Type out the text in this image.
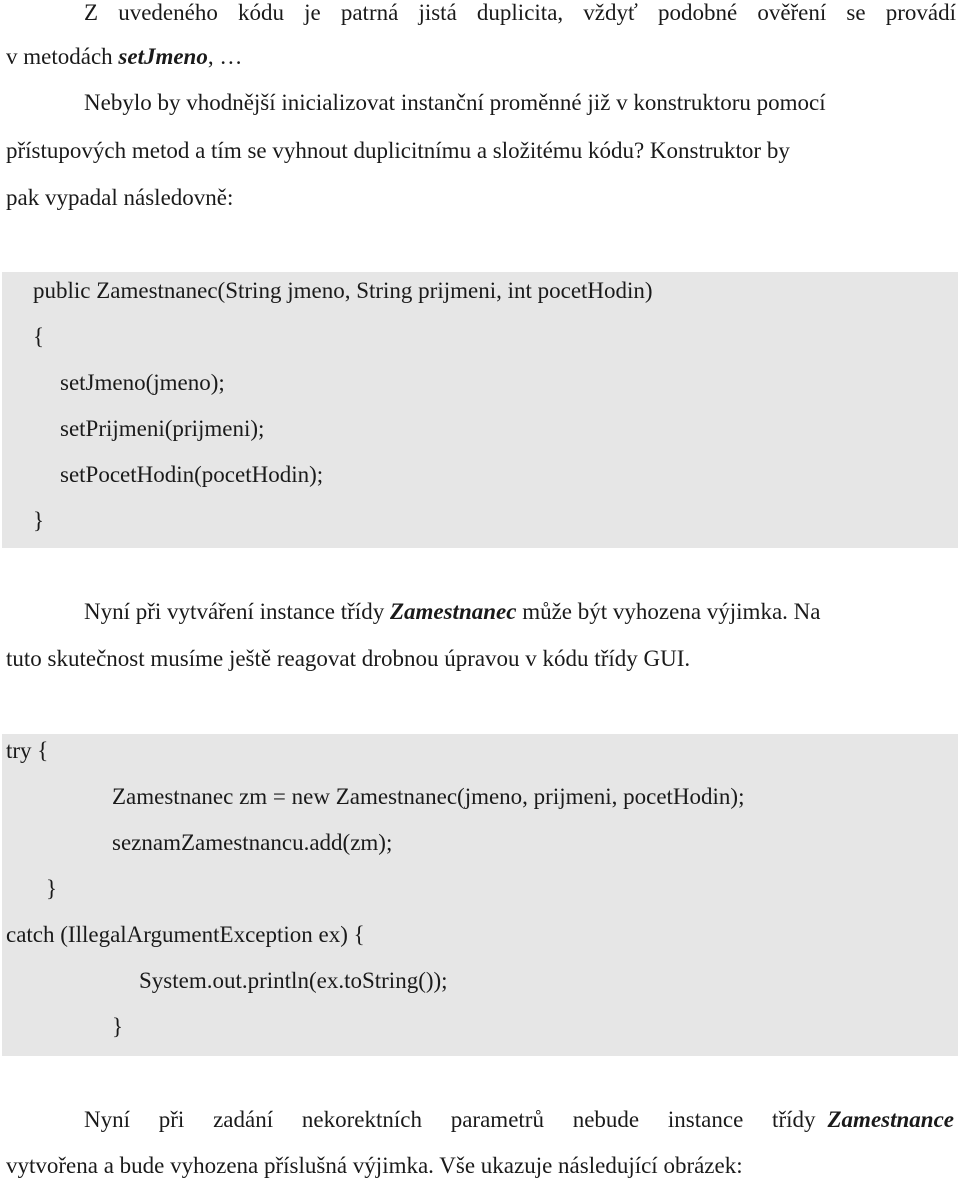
Z uvedeného kódu je patrná jistá duplicita, vždyť podobné ověření se provádí
v metodách setJmeno, …
Nebylo by vhodnější inicializovat instanční proměnné již v konstruktoru pomocí
přístupových metod a tím se vyhnout duplicitnímu a složitému kódu? Konstruktor by
pak vypadal následovně:
public Zamestnanec(String jmeno, String prijmeni, int pocetHodin)
{
setJmeno(jmeno);
setPrijmeni(prijmeni);
setPocetHodin(pocetHodin);
}
Nyní při vytváření instance třídy Zamestnanec může být vyhozena výjimka. Na
tuto skutečnost musíme ještě reagovat drobnou úpravou v kódu třídy GUI.
try {
Zamestnanec zm = new Zamestnanec(jmeno, prijmeni, pocetHodin);
seznamZamestnancu.add(zm);
}
catch (IllegalArgumentException ex) {
System.out.println(ex.toString());
}
Nyní při zadání nekorektních parametrů nebude instance třídy Zamestnance
vytvořena a bude vyhozena příslušná výjimka. Vše ukazuje následující obrázek:
